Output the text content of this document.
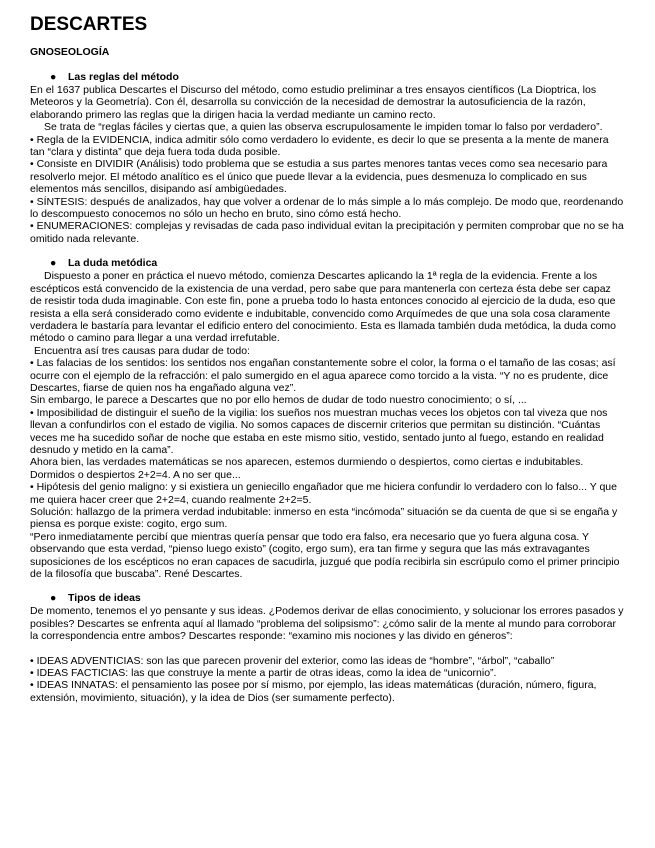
DESCARTES
GNOSEOLOGÍA
● Las reglas del método

En el 1637 publica Descartes el Discurso del método, como estudio preliminar a tres ensayos científicos (La Dioptrica, los Meteoros y la Geometría). Con él, desarrolla su convicción de la necesidad de demostrar la autosuficiencia de la razón, elaborando primero las reglas que la dirigen hacia la verdad mediante un camino recto.

Se trata de “reglas fáciles y ciertas que, a quien las observa escrupulosamente le impiden tomar lo falso por verdadero”.

• Regla de la EVIDENCIA, indica admitir sólo como verdadero lo evidente, es decir lo que se presenta a la mente de manera tan “clara y distinta” que deja fuera toda duda posible.

• Consiste en DIVIDIR (Análisis) todo problema que se estudia a sus partes menores tantas veces como sea necesario para resolverlo mejor. El método analítico es el único que puede llevar a la evidencia, pues desmenuza lo complicado en sus elementos más sencillos, disipando así ambigüedades.

• SÍNTESIS: después de analizados, hay que volver a ordenar de lo más simple a lo más complejo. De modo que, reordenando lo descompuesto conocemos no sólo un hecho en bruto, sino cómo está hecho.

• ENUMERACIONES: complejas y revisadas de cada paso individual evitan la precipitación y permiten comprobar que no se ha omitido nada relevante.

● La duda metódica

Dispuesto a poner en práctica el nuevo método, comienza Descartes aplicando la 1ª regla de la evidencia. Frente a los escépticos está convencido de la existencia de una verdad, pero sabe que para mantenerla con certeza ésta debe ser capaz de resistir toda duda imaginable. Con este fin, pone a prueba todo lo hasta entonces conocido al ejercicio de la duda, eso que resista a ella será considerado como evidente e indubitable, convencido como Arquímedes de que una sola cosa claramente verdadera le bastaría para levantar el edificio entero del conocimiento. Esta es llamada también duda metódica, la duda como método o camino para llegar a una verdad irrefutable.

Encuentra así tres causas para dudar de todo:

• Las falacias de los sentidos: los sentidos nos engañan constantemente sobre el color, la forma o el tamaño de las cosas; así ocurre con el ejemplo de la refracción: el palo sumergido en el agua aparece como torcido a la vista. “Y no es prudente, dice Descartes, fiarse de quien nos ha engañado alguna vez”.

Sin embargo, le parece a Descartes que no por ello hemos de dudar de todo nuestro conocimiento; o sí, ...

• Imposibilidad de distinguir el sueño de la vigilia: los sueños nos muestran muchas veces los objetos con tal viveza que nos llevan a confundirlos con el estado de vigilia. No somos capaces de discernir criterios que permitan su distinción. “Cuántas veces me ha sucedido soñar de noche que estaba en este mismo sitio, vestido, sentado junto al fuego, estando en realidad desnudo y metido en la cama”.

Ahora bien, las verdades matemáticas se nos aparecen, estemos durmiendo o despiertos, como ciertas e indubitables. Dormidos o despiertos 2+2=4. A no ser que...

• Hipótesis del genio maligno: y si existiera un geniecillo engañador que me hiciera confundir lo verdadero con lo falso... Y que me quiera hacer creer que 2+2=4, cuando realmente 2+2=5.

Solución: hallazgo de la primera verdad indubitable: inmerso en esta “incómoda” situación se da cuenta de que si se engaña y piensa es porque existe: cogito, ergo sum.

“Pero inmediatamente percibí que mientras quería pensar que todo era falso, era necesario que yo fuera alguna cosa. Y observando que esta verdad, “pienso luego existo” (cogito, ergo sum), era tan firme y segura que las más extravagantes suposiciones de los escépticos no eran capaces de sacudirla, juzgué que podía recibirla sin escrúpulo como el primer principio de la filosofía que buscaba”. René Descartes.

● Tipos de ideas

De momento, tenemos el yo pensante y sus ideas. ¿Podemos derivar de ellas conocimiento, y solucionar los errores pasados y posibles? Descartes se enfrenta aquí al llamado “problema del solipsismo”: ¿cómo salir de la mente al mundo para corroborar la correspondencia entre ambos? Descartes responde: “examino mis nociones y las divido en géneros”:

• IDEAS ADVENTICIAS: son las que parecen provenir del exterior, como las ideas de “hombre”, “árbol”, “caballo”

• IDEAS FACTICIAS: las que construye la mente a partir de otras ideas, como la idea de “unicornio”.

• IDEAS INNATAS: el pensamiento las posee por sí mismo, por ejemplo, las ideas matemáticas (duración, número, figura, extensión, movimiento, situación), y la idea de Dios (ser sumamente perfecto).
